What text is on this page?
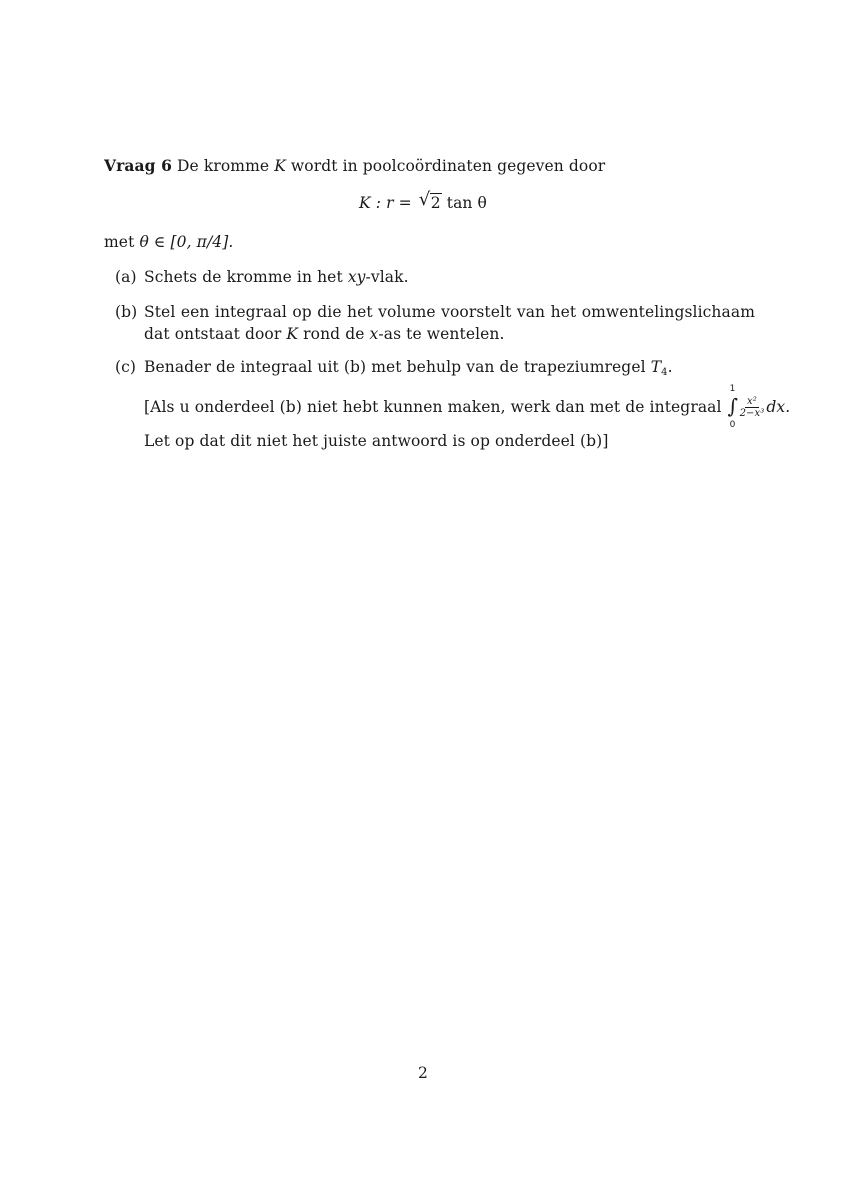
Vraag 6 De kromme K wordt in poolcoördinaten gegeven door
K : r = √ 2 tan θ
met θ ∈ [0, π/4].
(a) Schets de kromme in het xy-vlak.
(b) Stel een integraal op die het volume voorstelt van het omwentelingslichaam dat ontstaat door K rond de x-as te wentelen.
(c) Benader de integraal uit (b) met behulp van de trapeziumregel $T_4$.
[Als u onderdeel (b) niet hebt kunnen maken, werk dan met de integraal
1
∫
0
$\frac{\text{x²}}{\text{2−x³}}$ dx.
Let op dat dit niet het juiste antwoord is op onderdeel (b)]
2
